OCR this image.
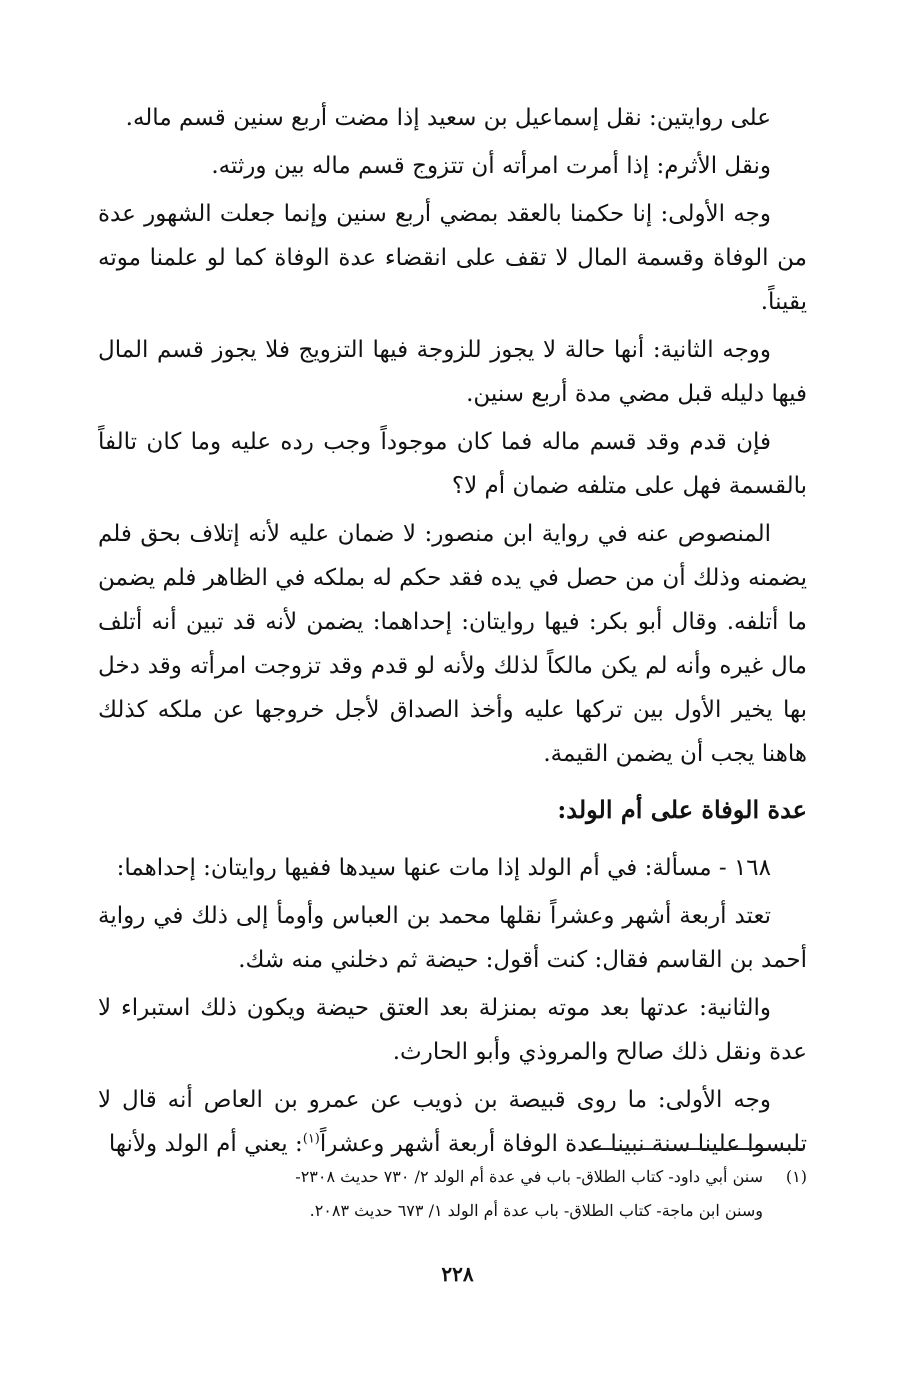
على روايتين: نقل إسماعيل بن سعيد إذا مضت أربع سنين قسم ماله.

ونقل الأثرم: إذا أمرت امرأته أن تتزوج قسم ماله بين ورثته.

وجه الأولى: إنا حكمنا بالعقد بمضي أربع سنين وإنما جعلت الشهور عدة من الوفاة وقسمة المال لا تقف على انقضاء عدة الوفاة كما لو علمنا موته يقيناً.

ووجه الثانية: أنها حالة لا يجوز للزوجة فيها التزويج فلا يجوز قسم المال فيها دليله قبل مضي مدة أربع سنين.

فإن قدم وقد قسم ماله فما كان موجوداً وجب رده عليه وما كان تالفاً بالقسمة فهل على متلفه ضمان أم لا؟

المنصوص عنه في رواية ابن منصور: لا ضمان عليه لأنه إتلاف بحق فلم يضمنه وذلك أن من حصل في يده فقد حكم له بملكه في الظاهر فلم يضمن ما أتلفه. وقال أبو بكر: فيها روايتان: إحداهما: يضمن لأنه قد تبين أنه أتلف مال غيره وأنه لم يكن مالكاً لذلك ولأنه لو قدم وقد تزوجت امرأته وقد دخل بها يخير الأول بين تركها عليه وأخذ الصداق لأجل خروجها عن ملكه كذلك هاهنا يجب أن يضمن القيمة.

عدة الوفاة على أم الولد:

١٦٨ - مسألة: في أم الولد إذا مات عنها سيدها ففيها روايتان: إحداهما:

تعتد أربعة أشهر وعشراً نقلها محمد بن العباس وأومأ إلى ذلك في رواية أحمد بن القاسم فقال: كنت أقول: حيضة ثم دخلني منه شك.

والثانية: عدتها بعد موته بمنزلة بعد العتق حيضة ويكون ذلك استبراء لا عدة ونقل ذلك صالح والمروذي وأبو الحارث.

وجه الأولى: ما روى قبيصة بن ذويب عن عمرو بن العاص أنه قال لا تلبسوا علينا سنة نبينا عدة الوفاة أربعة أشهر وعشراً$^{(١)}$: يعني أم الولد ولأنها

(١)
سنن أبي داود- كتاب الطلاق- باب في عدة أم الولد ٢/ ٧٣٠ حديث ٢٣٠٨-
وسنن ابن ماجة- كتاب الطلاق- باب عدة أم الولد ١/ ٦٧٣ حديث ٢٠٨٣.
٢٢٨
